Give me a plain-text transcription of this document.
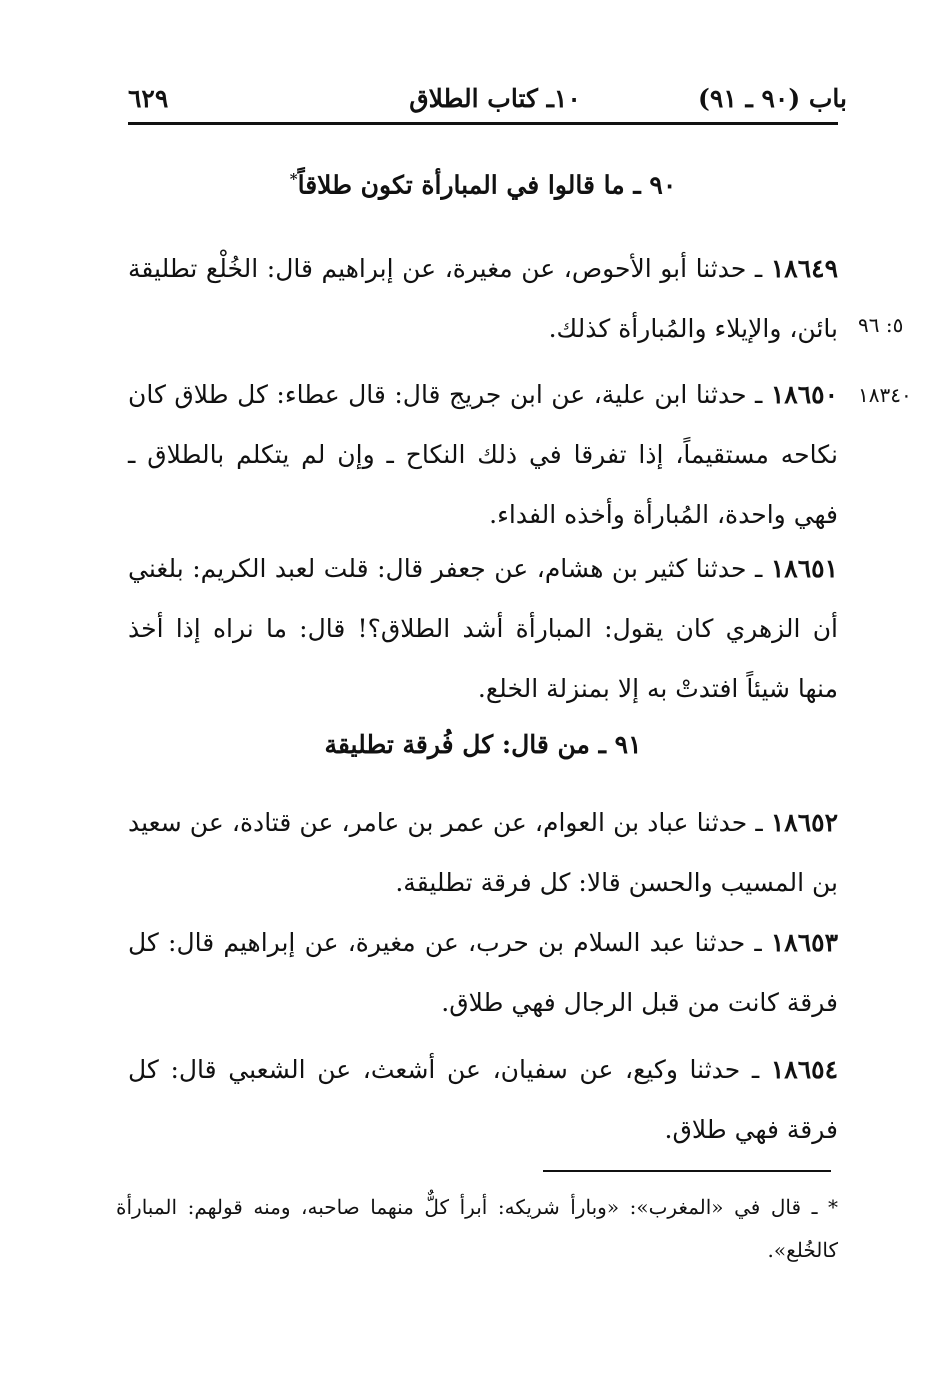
٦٢٩	١٠ـ كتاب الطلاق	باب (٩٠ ـ ٩١)
٩٠ ـ ما قالوا في المبارأة تكون طلاقاً*
١٨٦٤٩ ـ حدثنا أبو الأحوص، عن مغيرة، عن إبراهيم قال: الخُلْع تطليقة بائن، والإيلاء والمُبارأة كذلك. ٥: ٩٦
١٨٦٥٠ ـ حدثنا ابن علية، عن ابن جريج قال: قال عطاء: كل طلاق كان نكاحه مستقيماً، إذا تفرقا في ذلك النكاح ـ وإن لم يتكلم بالطلاق ـ فهي واحدة، المُبارأة وأخذه الفداء.
١٨٣٤٠
١٨٦٥١ ـ حدثنا كثير بن هشام، عن جعفر قال: قلت لعبد الكريم: بلغني أن الزهري كان يقول: المبارأة أشد الطلاق؟! قال: ما نراه إذا أخذ منها شيئاً افتدتْ به إلا بمنزلة الخلع.
٩١ ـ من قال: كل فُرقة تطليقة
١٨٦٥٢ ـ حدثنا عباد بن العوام، عن عمر بن عامر، عن قتادة، عن سعيد بن المسيب والحسن قالا: كل فرقة تطليقة.
١٨٦٥٣ ـ حدثنا عبد السلام بن حرب، عن مغيرة، عن إبراهيم قال: كل فرقة كانت من قبل الرجال فهي طلاق.
١٨٦٥٤ ـ حدثنا وكيع، عن سفيان، عن أشعث، عن الشعبي قال: كل فرقة فهي طلاق.
* ـ قال في «المغرب»: «وبارأ شريكه: أبرأ كلٌّ منهما صاحبه، ومنه قولهم: المبارأة كالخُلع».
